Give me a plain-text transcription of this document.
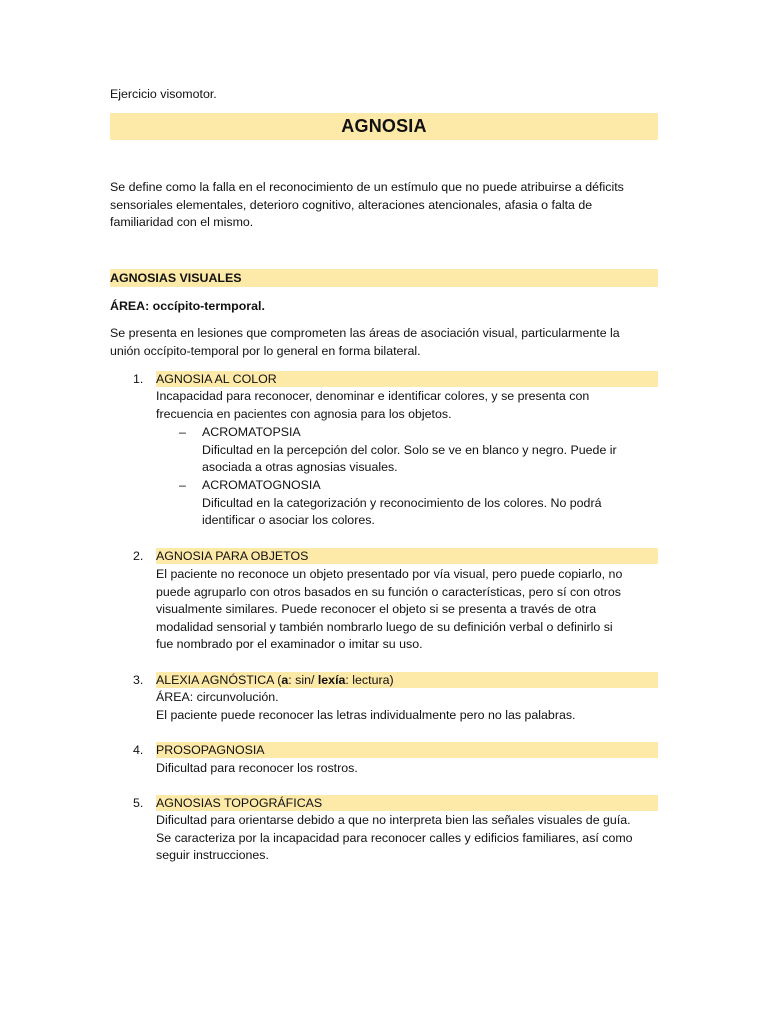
Ejercicio visomotor.
AGNOSIA
Se define como la falla en el reconocimiento de un estímulo que no puede atribuirse a déficits
sensoriales elementales, deterioro cognitivo, alteraciones atencionales, afasia o falta de
familiaridad con el mismo.
AGNOSIAS VISUALES
ÁREA: occípito-termporal.
Se presenta en lesiones que comprometen las áreas de asociación visual, particularmente la
unión occípito-temporal por lo general en forma bilateral.
1.	AGNOSIA AL COLOR
Incapacidad para reconocer, denominar e identificar colores, y se presenta con
frecuencia en pacientes con agnosia para los objetos.
– ACROMATOPSIA
Dificultad en la percepción del color. Solo se ve en blanco y negro. Puede ir
asociada a otras agnosias visuales.
– ACROMATOGNOSIA
Dificultad en la categorización y reconocimiento de los colores. No podrá
identificar o asociar los colores.
2.	AGNOSIA PARA OBJETOS
El paciente no reconoce un objeto presentado por vía visual, pero puede copiarlo, no
puede agruparlo con otros basados en su función o características, pero sí con otros
visualmente similares. Puede reconocer el objeto si se presenta a través de otra
modalidad sensorial y también nombrarlo luego de su definición verbal o definirlo si
fue nombrado por el examinador o imitar su uso.
3.	ALEXIA AGNÓSTICA (a: sin/ lexía: lectura)
ÁREA: circunvolución.
El paciente puede reconocer las letras individualmente pero no las palabras.
4.	PROSOPAGNOSIA
Dificultad para reconocer los rostros.
5.	AGNOSIAS TOPOGRÁFICAS
Dificultad para orientarse debido a que no interpreta bien las señales visuales de guía.
Se caracteriza por la incapacidad para reconocer calles y edificios familiares, así como
seguir instrucciones.
